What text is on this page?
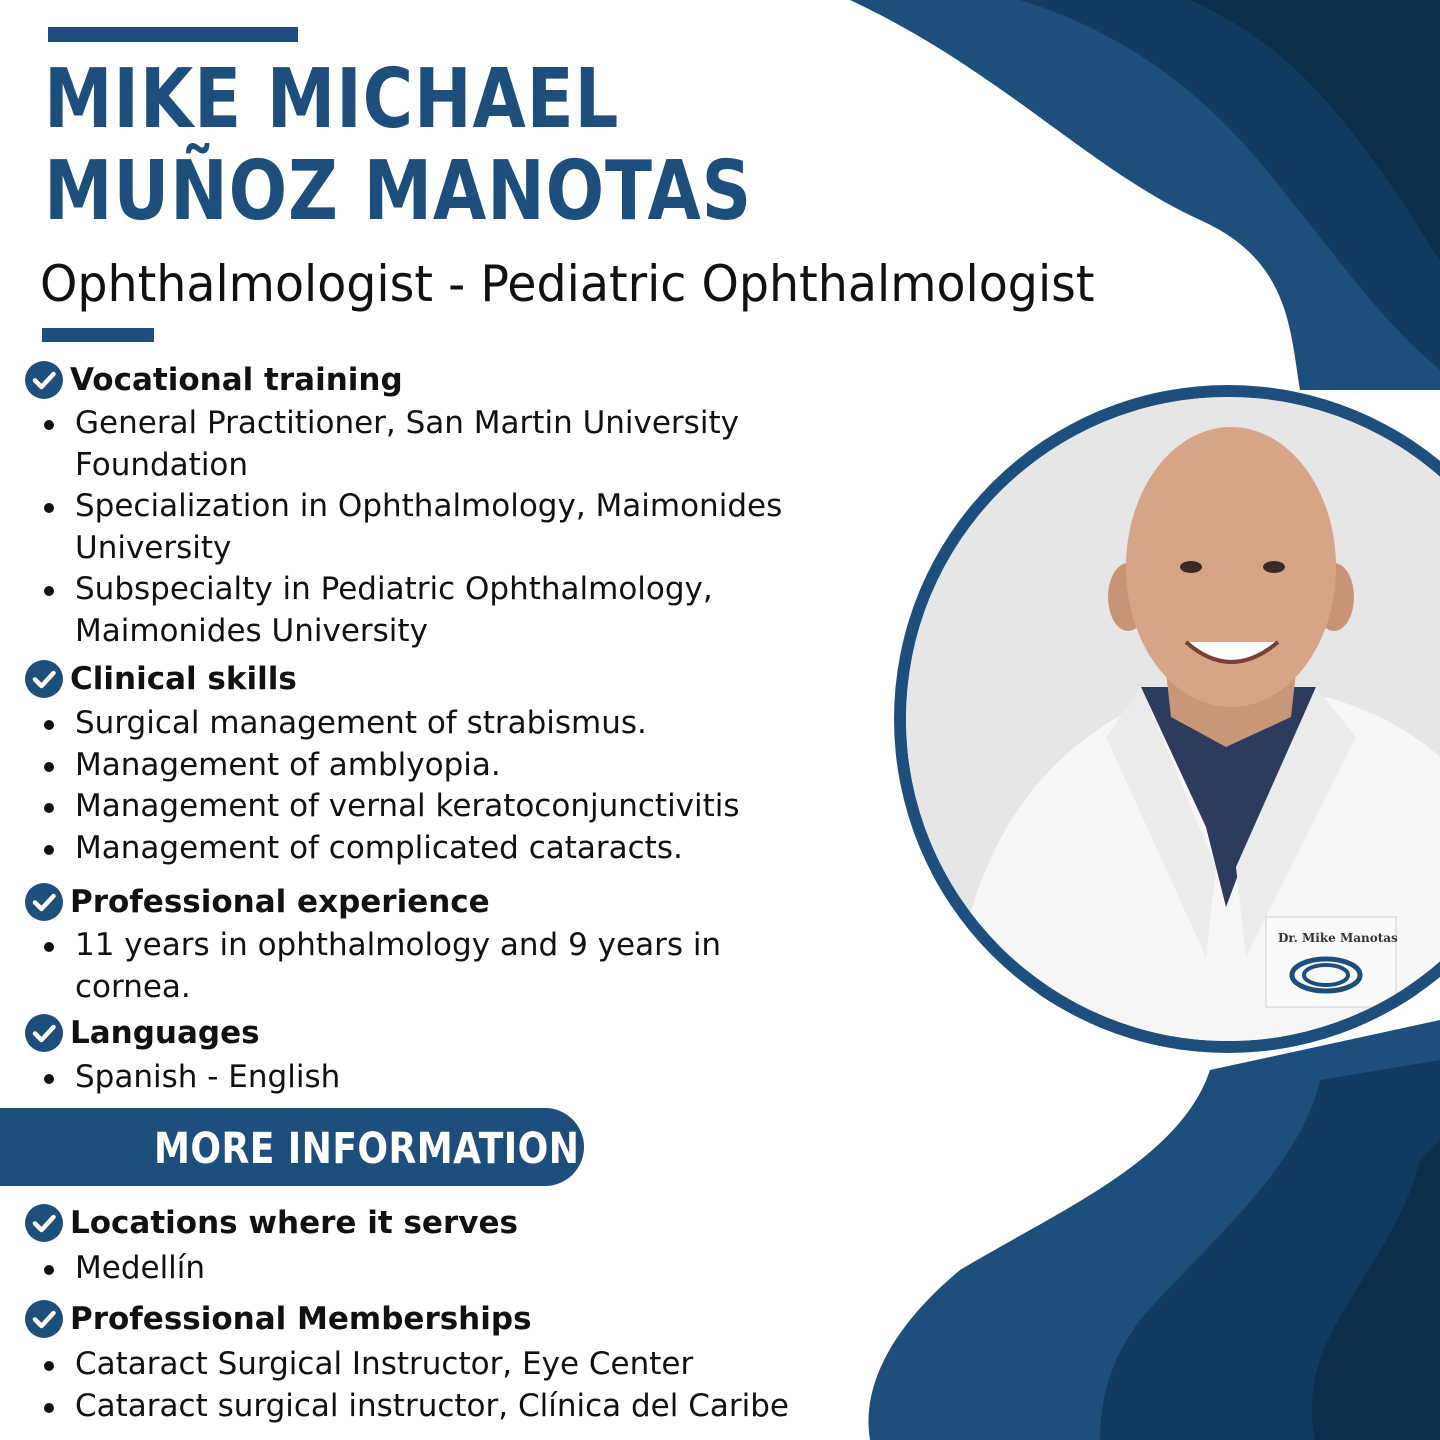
MIKE MICHAEL
MUÑOZ MANOTAS
Ophthalmologist - Pediatric Ophthalmologist
Vocational training
General Practitioner, San Martin University
Foundation
Specialization in Ophthalmology, Maimonides
University
Subspecialty in Pediatric Ophthalmology,
Maimonides University
Clinical skills
Surgical management of strabismus.
Management of amblyopia.
Management of vernal keratoconjunctivitis
Management of complicated cataracts.
Professional experience
11 years in ophthalmology and 9 years in
cornea.
Languages
Spanish - English
MORE INFORMATION
Locations where it serves
Medellín
Professional Memberships
Cataract Surgical Instructor, Eye Center
Cataract surgical instructor, Clínica del Caribe
Dr. Mike Manotas
